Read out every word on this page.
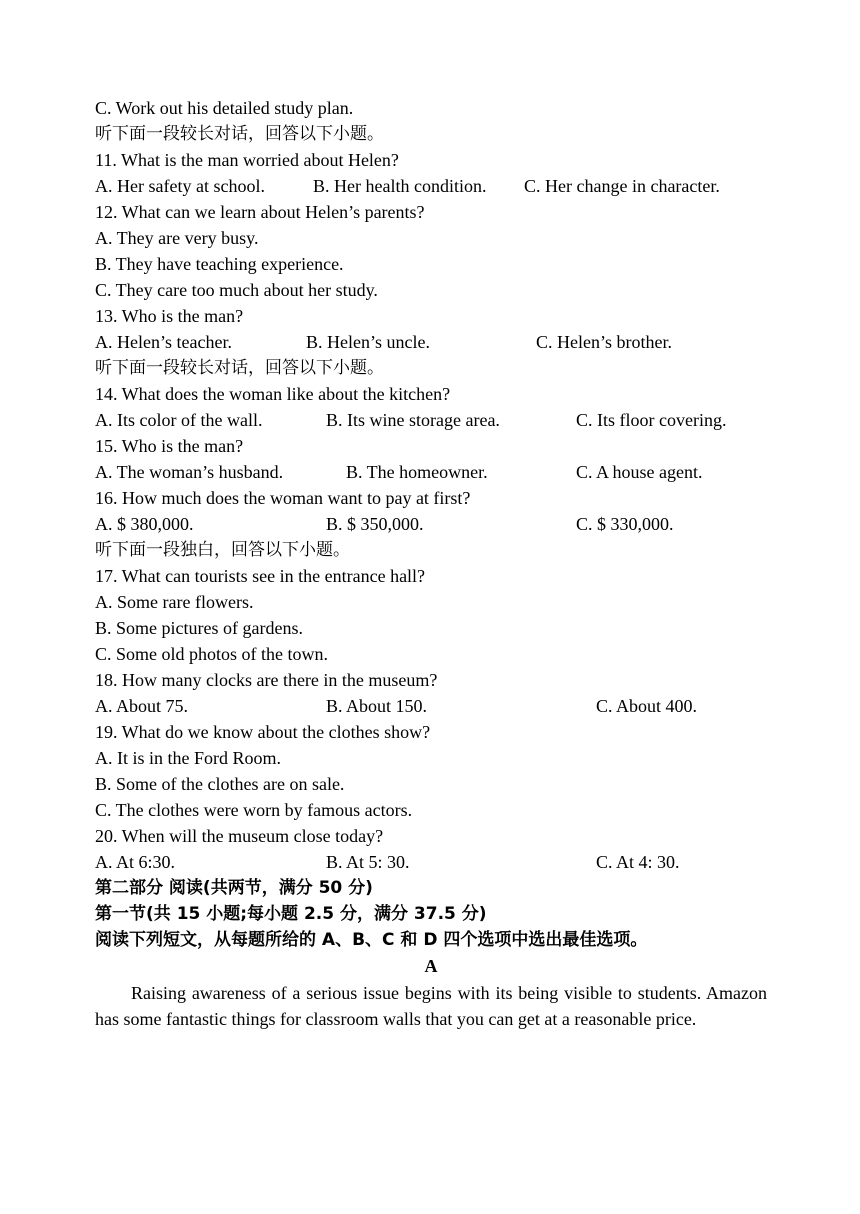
C. Work out his detailed study plan.
听下面一段较长对话，回答以下小题。
11. What is the man worried about Helen?
A. Her safety at school.	B. Her health condition.	C. Her change in character.
12. What can we learn about Helen’s parents?
A. They are very busy.
B. They have teaching experience.
C. They care too much about her study.
13. Who is the man?
A. Helen’s teacher.	B. Helen’s uncle.	C. Helen’s brother.
听下面一段较长对话，回答以下小题。
14. What does the woman like about the kitchen?
A. Its color of the wall.	B. Its wine storage area.	C. Its floor covering.
15. Who is the man?
A. The woman’s husband.	B. The homeowner.	C. A house agent.
16. How much does the woman want to pay at first?
A. $ 380,000.	B. $ 350,000.	C. $ 330,000.
听下面一段独白，回答以下小题。
17. What can tourists see in the entrance hall?
A. Some rare flowers.
B. Some pictures of gardens.
C. Some old photos of the town.
18. How many clocks are there in the museum?
A. About 75.	B. About 150.	C. About 400.
19. What do we know about the clothes show?
A. It is in the Ford Room.
B. Some of the clothes are on sale.
C. The clothes were worn by famous actors.
20. When will the museum close today?
A. At 6:30.	B. At 5: 30.	C. At 4: 30.
第二部分 阅读(共两节，满分 50 分)
第一节(共 15 小题;每小题 2.5 分，满分 37.5 分)
阅读下列短文，从每题所给的 A、B、C 和 D 四个选项中选出最佳选项。
A
Raising awareness of a serious issue begins with its being visible to students. Amazon has some fantastic things for classroom walls that you can get at a reasonable price.
